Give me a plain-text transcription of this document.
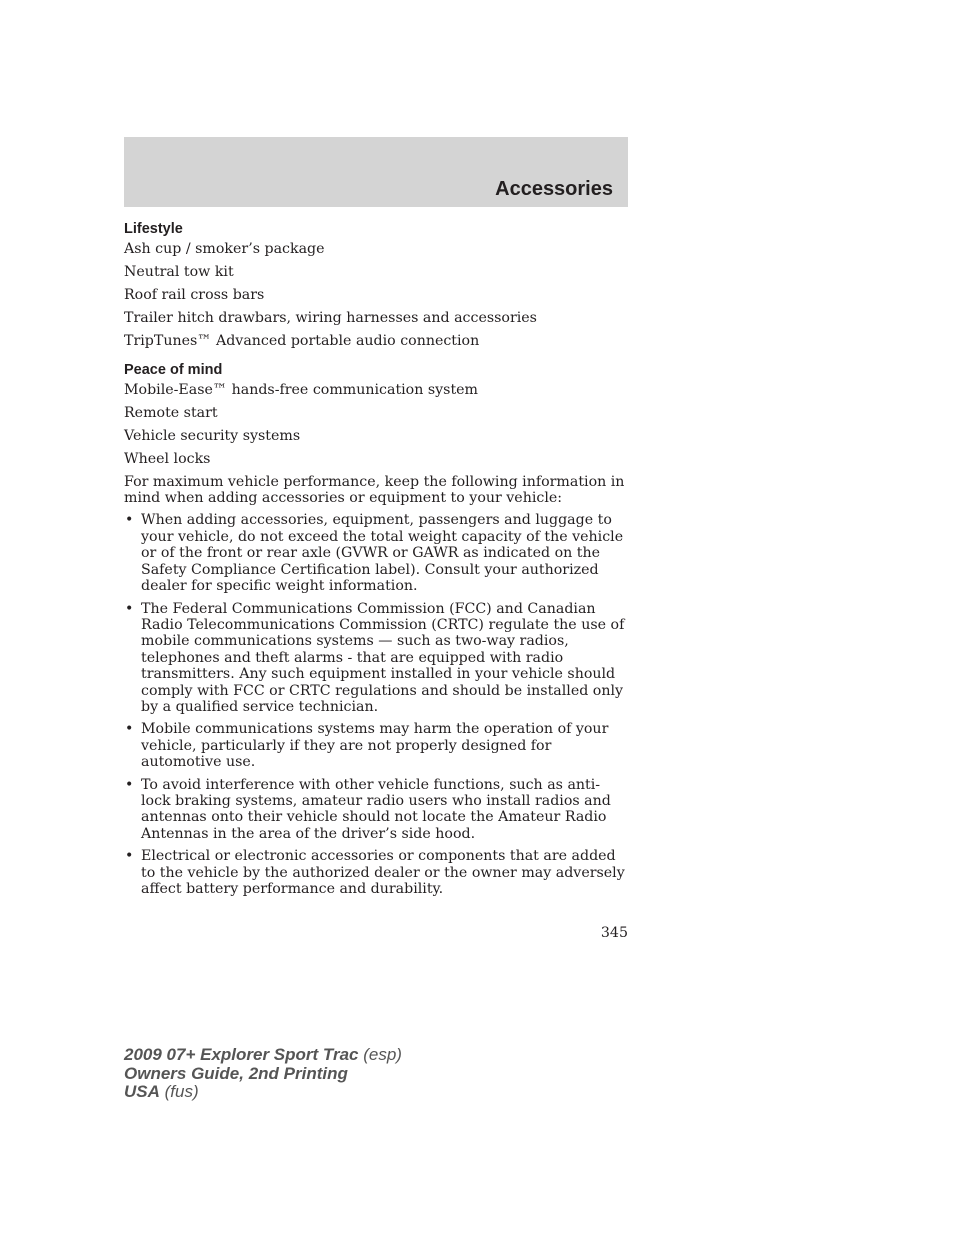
Accessories
Lifestyle
Ash cup / smoker’s package
Neutral tow kit
Roof rail cross bars
Trailer hitch drawbars, wiring harnesses and accessories
TripTunes™ Advanced portable audio connection
Peace of mind
Mobile-Ease™ hands-free communication system
Remote start
Vehicle security systems
Wheel locks

For maximum vehicle performance, keep the following information in mind when adding accessories or equipment to your vehicle:

• When adding accessories, equipment, passengers and luggage to your vehicle, do not exceed the total weight capacity of the vehicle or of the front or rear axle (GVWR or GAWR as indicated on the Safety Compliance Certification label). Consult your authorized dealer for specific weight information.
• The Federal Communications Commission (FCC) and Canadian Radio Telecommunications Commission (CRTC) regulate the use of mobile communications systems — such as two-way radios, telephones and theft alarms - that are equipped with radio transmitters. Any such equipment installed in your vehicle should comply with FCC or CRTC regulations and should be installed only by a qualified service technician.
• Mobile communications systems may harm the operation of your vehicle, particularly if they are not properly designed for automotive use.
• To avoid interference with other vehicle functions, such as anti-lock braking systems, amateur radio users who install radios and antennas onto their vehicle should not locate the Amateur Radio Antennas in the area of the driver’s side hood.
• Electrical or electronic accessories or components that are added to the vehicle by the authorized dealer or the owner may adversely affect battery performance and durability.
345
2009 07+ Explorer Sport Trac (esp)
Owners Guide, 2nd Printing
USA (fus)
